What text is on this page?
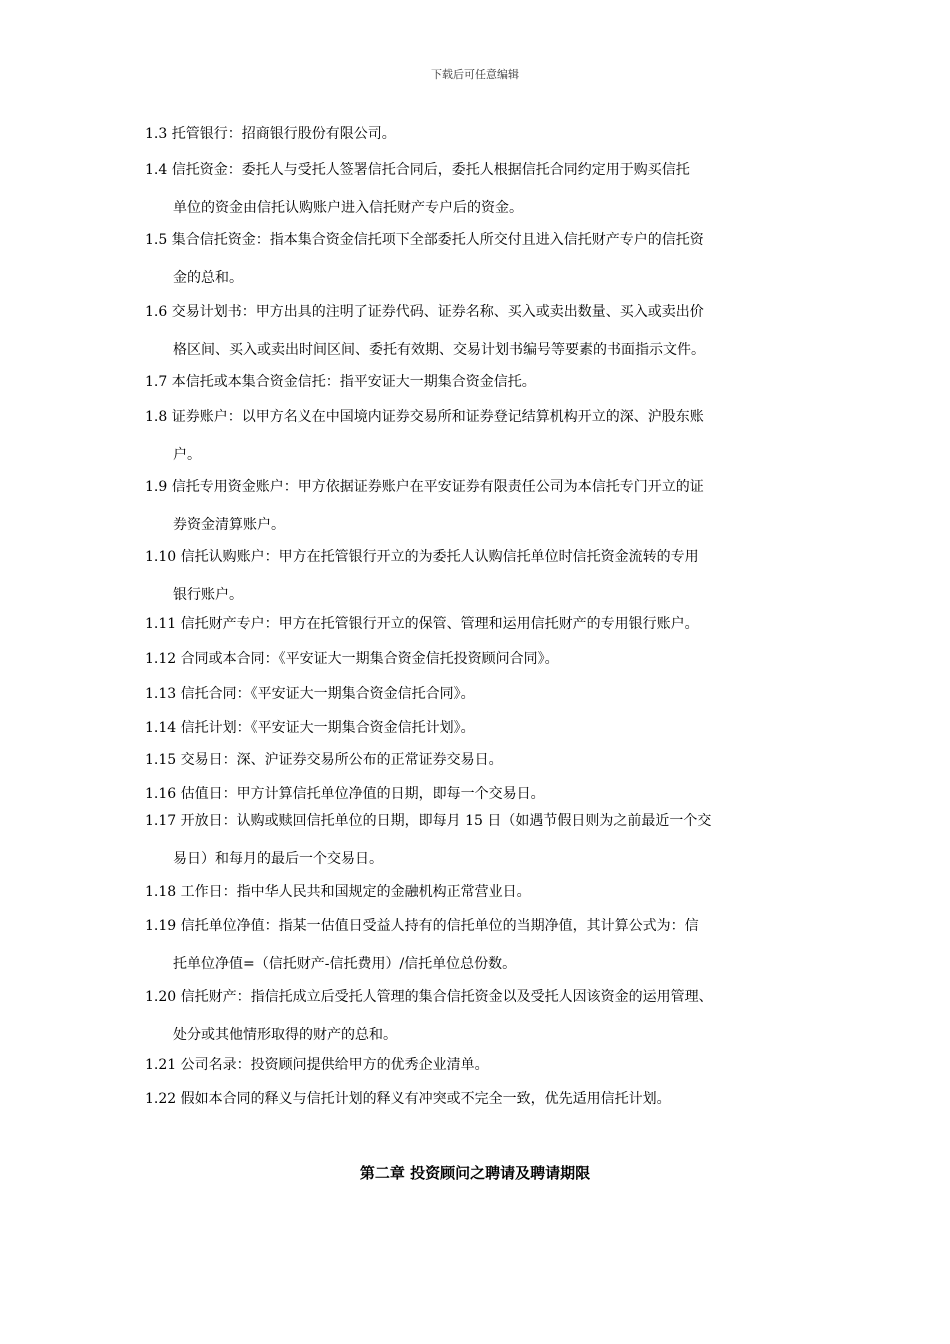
下载后可任意编辑
1.3 托管银行：招商银行股份有限公司。
1.4 信托资金：委托人与受托人签署信托合同后，委托人根据信托合同约定用于购买信托
单位的资金由信托认购账户进入信托财产专户后的资金。
1.5 集合信托资金：指本集合资金信托项下全部委托人所交付且进入信托财产专户的信托资
金的总和。
1.6 交易计划书：甲方出具的注明了证券代码、证券名称、买入或卖出数量、买入或卖出价
格区间、买入或卖出时间区间、委托有效期、交易计划书编号等要素的书面指示文件。
1.7 本信托或本集合资金信托：指平安证大一期集合资金信托。
1.8 证券账户：以甲方名义在中国境内证券交易所和证券登记结算机构开立的深、沪股东账
户。
1.9 信托专用资金账户：甲方依据证券账户在平安证券有限责任公司为本信托专门开立的证
券资金清算账户。
1.10 信托认购账户：甲方在托管银行开立的为委托人认购信托单位时信托资金流转的专用
银行账户。
1.11 信托财产专户：甲方在托管银行开立的保管、管理和运用信托财产的专用银行账户。
1.12 合同或本合同：《平安证大一期集合资金信托投资顾问合同》。
1.13 信托合同：《平安证大一期集合资金信托合同》。
1.14 信托计划：《平安证大一期集合资金信托计划》。
1.15 交易日：深、沪证券交易所公布的正常证券交易日。
1.16 估值日：甲方计算信托单位净值的日期，即每一个交易日。
1.17 开放日：认购或赎回信托单位的日期，即每月 15 日（如遇节假日则为之前最近一个交
易日）和每月的最后一个交易日。
1.18 工作日：指中华人民共和国规定的金融机构正常营业日。
1.19 信托单位净值：指某一估值日受益人持有的信托单位的当期净值，其计算公式为：信
托单位净值=（信托财产-信托费用）/信托单位总份数。
1.20 信托财产：指信托成立后受托人管理的集合信托资金以及受托人因该资金的运用管理、
处分或其他情形取得的财产的总和。
1.21 公司名录：投资顾问提供给甲方的优秀企业清单。
1.22 假如本合同的释义与信托计划的释义有冲突或不完全一致，优先适用信托计划。
第二章 投资顾问之聘请及聘请期限
